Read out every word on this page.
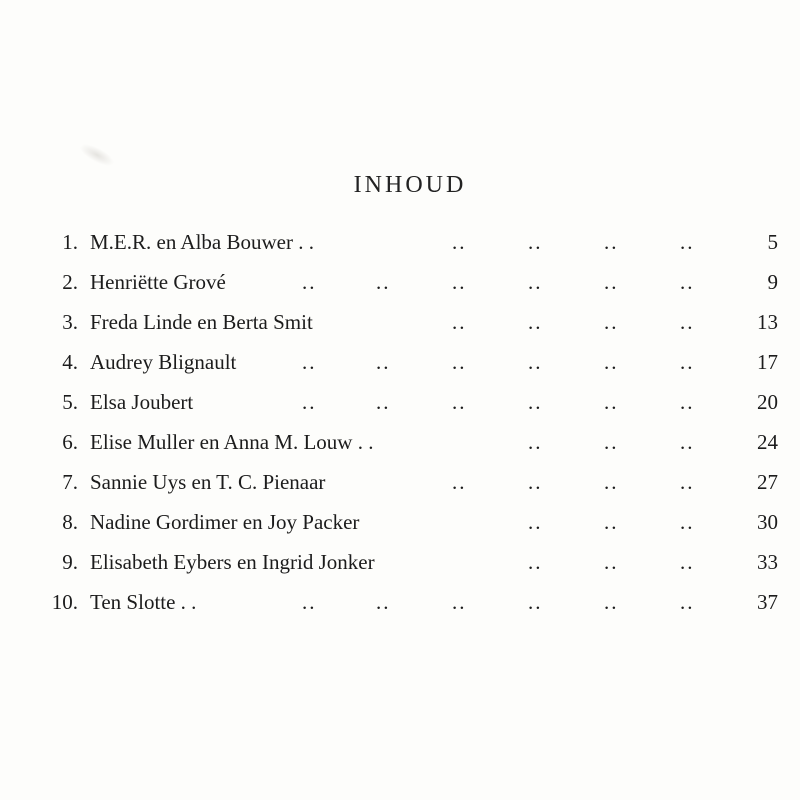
INHOUD
1. M.E.R. en Alba Bouwer . .	..	..	..	..	5
2. Henriëtte Grové	..	..	..	..	..	..	9
3. Freda Linde en Berta Smit	..	..	..	..	13
4. Audrey Blignault	..	..	..	..	..	..	17
5. Elsa Joubert	..	..	..	..	..	..	20
6. Elise Muller en Anna M. Louw . .	..	..	..	24
7. Sannie Uys en T. C. Pienaar	..	..	..	..	27
8. Nadine Gordimer en Joy Packer	..	..	..	30
9. Elisabeth Eybers en Ingrid Jonker	..	..	..	33
10. Ten Slotte . .	..	..	..	..	..	..	37
